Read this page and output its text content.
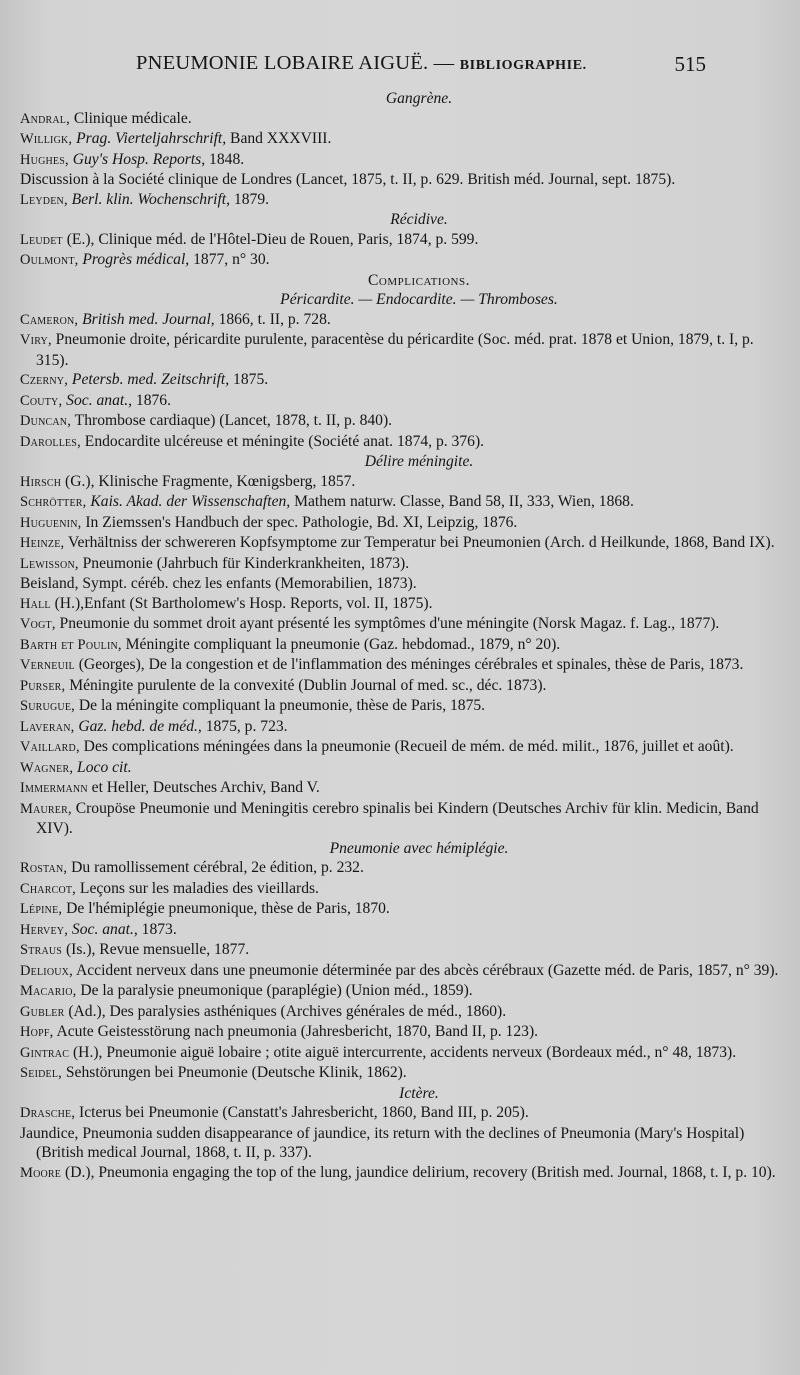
PNEUMONIE LOBAIRE AIGUË. — BIBLIOGRAPHIE.	515
Gangrène.
Andral, Clinique médicale.
Willigk, Prag. Vierteljahrschrift, Band XXXVIII.
Hughes, Guy's Hosp. Reports, 1848.
Discussion à la Société clinique de Londres (Lancet, 1875, t. II, p. 629. British méd. Journal, sept. 1875).
Leyden, Berl. klin. Wochenschrift, 1879.
Récidive.
Leudet (E.), Clinique méd. de l'Hôtel-Dieu de Rouen, Paris, 1874, p. 599.
Oulmont, Progrès médical, 1877, n° 30.
Complications.
Péricardite. — Endocardite. — Thromboses.
Cameron, British med. Journal, 1866, t. II, p. 728.
Viry, Pneumonie droite, péricardite purulente, paracentèse du péricardite (Soc. méd. prat. 1878 et Union, 1879, t. I, p. 315).
Czerny, Petersb. med. Zeitschrift, 1875.
Couty, Soc. anat., 1876.
Duncan, Thrombose cardiaque) (Lancet, 1878, t. II, p. 840).
Darolles, Endocardite ulcéreuse et méningite (Société anat. 1874, p. 376).
Délire méningite.
Hirsch (G.), Klinische Fragmente, Kœnigsberg, 1857.
Schrötter, Kais. Akad. der Wissenschaften, Mathem naturw. Classe, Band 58, II, 333, Wien, 1868.
Huguenin, In Ziemssen's Handbuch der spec. Pathologie, Bd. XI, Leipzig, 1876.
Heinze, Verhältniss der schwereren Kopfsymptome zur Temperatur bei Pneumonien (Arch. d Heilkunde, 1868, Band IX).
Lewisson, Pneumonie (Jahrbuch für Kinderkrankheiten, 1873).
Beisland, Sympt. céréb. chez les enfants (Memorabilien, 1873).
Hall (H.),Enfant (St Bartholomew's Hosp. Reports, vol. II, 1875).
Vogt, Pneumonie du sommet droit ayant présenté les symptômes d'une méningite (Norsk Magaz. f. Lag., 1877).
Barth et Poulin, Méningite compliquant la pneumonie (Gaz. hebdomad., 1879, n° 20).
Verneuil (Georges), De la congestion et de l'inflammation des méninges cérébrales et spinales, thèse de Paris, 1873.
Purser, Méningite purulente de la convexité (Dublin Journal of med. sc., déc. 1873).
Surugue, De la méningite compliquant la pneumonie, thèse de Paris, 1875.
Laveran, Gaz. hebd. de méd., 1875, p. 723.
Vaillard, Des complications méningées dans la pneumonie (Recueil de mém. de méd. milit., 1876, juillet et août).
Wagner, Loco cit.
Immermann et Heller, Deutsches Archiv, Band V.
Maurer, Croupöse Pneumonie und Meningitis cerebro spinalis bei Kindern (Deutsches Archiv für klin. Medicin, Band XIV).
Pneumonie avec hémiplégie.
Rostan, Du ramollissement cérébral, 2e édition, p. 232.
Charcot, Leçons sur les maladies des vieillards.
Lépine, De l'hémiplégie pneumonique, thèse de Paris, 1870.
Hervey, Soc. anat., 1873.
Straus (Is.), Revue mensuelle, 1877.
Delioux, Accident nerveux dans une pneumonie déterminée par des abcès cérébraux (Gazette méd. de Paris, 1857, n° 39).
Macario, De la paralysie pneumonique (paraplégie) (Union méd., 1859).
Gubler (Ad.), Des paralysies asthéniques (Archives générales de méd., 1860).
Hopf, Acute Geistesstörung nach pneumonia (Jahresbericht, 1870, Band II, p. 123).
Gintrac (H.), Pneumonie aiguë lobaire ; otite aiguë intercurrente, accidents nerveux (Bordeaux méd., n° 48, 1873).
Seidel, Sehstörungen bei Pneumonie (Deutsche Klinik, 1862).
Ictère.
Drasche, Icterus bei Pneumonie (Canstatt's Jahresbericht, 1860, Band III, p. 205).
Jaundice, Pneumonia sudden disappearance of jaundice, its return with the declines of Pneumonia (Mary's Hospital) (British medical Journal, 1868, t. II, p. 337).
Moore (D.), Pneumonia engaging the top of the lung, jaundice delirium, recovery (British med. Journal, 1868, t. I, p. 10).
